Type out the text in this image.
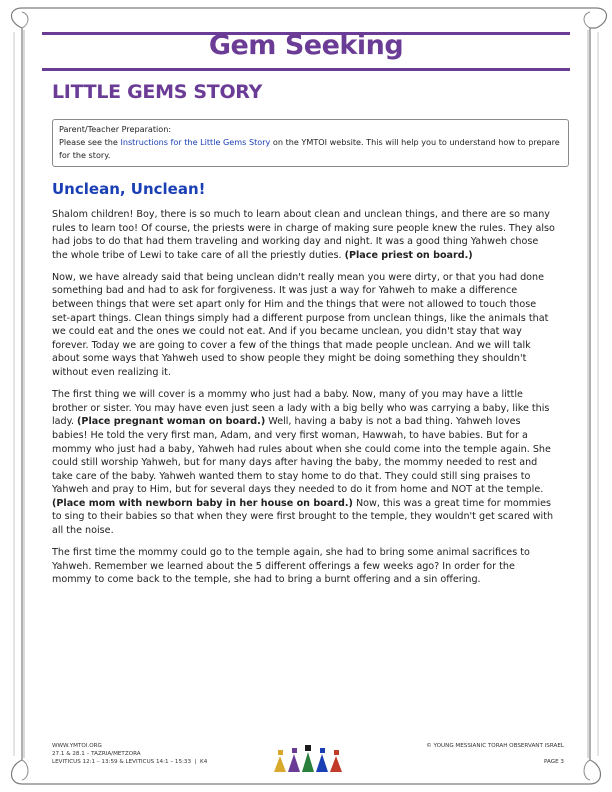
Gem Seeking
LITTLE GEMS STORY
Parent/Teacher Preparation:
Please see the Instructions for the Little Gems Story on the YMTOI website. This will help you to understand how to prepare for the story.
Unclean, Unclean!

Shalom children! Boy, there is so much to learn about clean and unclean things, and there are so many rules to learn too! Of course, the priests were in charge of making sure people knew the rules. They also had jobs to do that had them traveling and working day and night. It was a good thing Yahweh chose the whole tribe of Lewi to take care of all the priestly duties. (Place priest on board.)

Now, we have already said that being unclean didn't really mean you were dirty, or that you had done something bad and had to ask for forgiveness. It was just a way for Yahweh to make a difference between things that were set apart only for Him and the things that were not allowed to touch those set-apart things. Clean things simply had a different purpose from unclean things, like the animals that we could eat and the ones we could not eat. And if you became unclean, you didn't stay that way forever. Today we are going to cover a few of the things that made people unclean. And we will talk about some ways that Yahweh used to show people they might be doing something they shouldn't without even realizing it.

The first thing we will cover is a mommy who just had a baby. Now, many of you may have a little brother or sister. You may have even just seen a lady with a big belly who was carrying a baby, like this lady. (Place pregnant woman on board.) Well, having a baby is not a bad thing. Yahweh loves babies! He told the very first man, Adam, and very first woman, Hawwah, to have babies. But for a mommy who just had a baby, Yahweh had rules about when she could come into the temple again. She could still worship Yahweh, but for many days after having the baby, the mommy needed to rest and take care of the baby. Yahweh wanted them to stay home to do that. They could still sing praises to Yahweh and pray to Him, but for several days they needed to do it from home and NOT at the temple. (Place mom with newborn baby in her house on board.) Now, this was a great time for mommies to sing to their babies so that when they were first brought to the temple, they wouldn't get scared with all the noise.

The first time the mommy could go to the temple again, she had to bring some animal sacrifices to Yahweh. Remember we learned about the 5 different offerings a few weeks ago? In order for the mommy to come back to the temple, she had to bring a burnt offering and a sin offering.

WWW.YMTOI.ORG
27.1 & 28.1 – TAZRIA/METZORA
LEVITICUS 12:1 – 13:59 & LEVITICUS 14:1 – 15:33  |  K4
© YOUNG MESSIANIC TORAH OBSERVANT ISRAEL
PAGE 3
